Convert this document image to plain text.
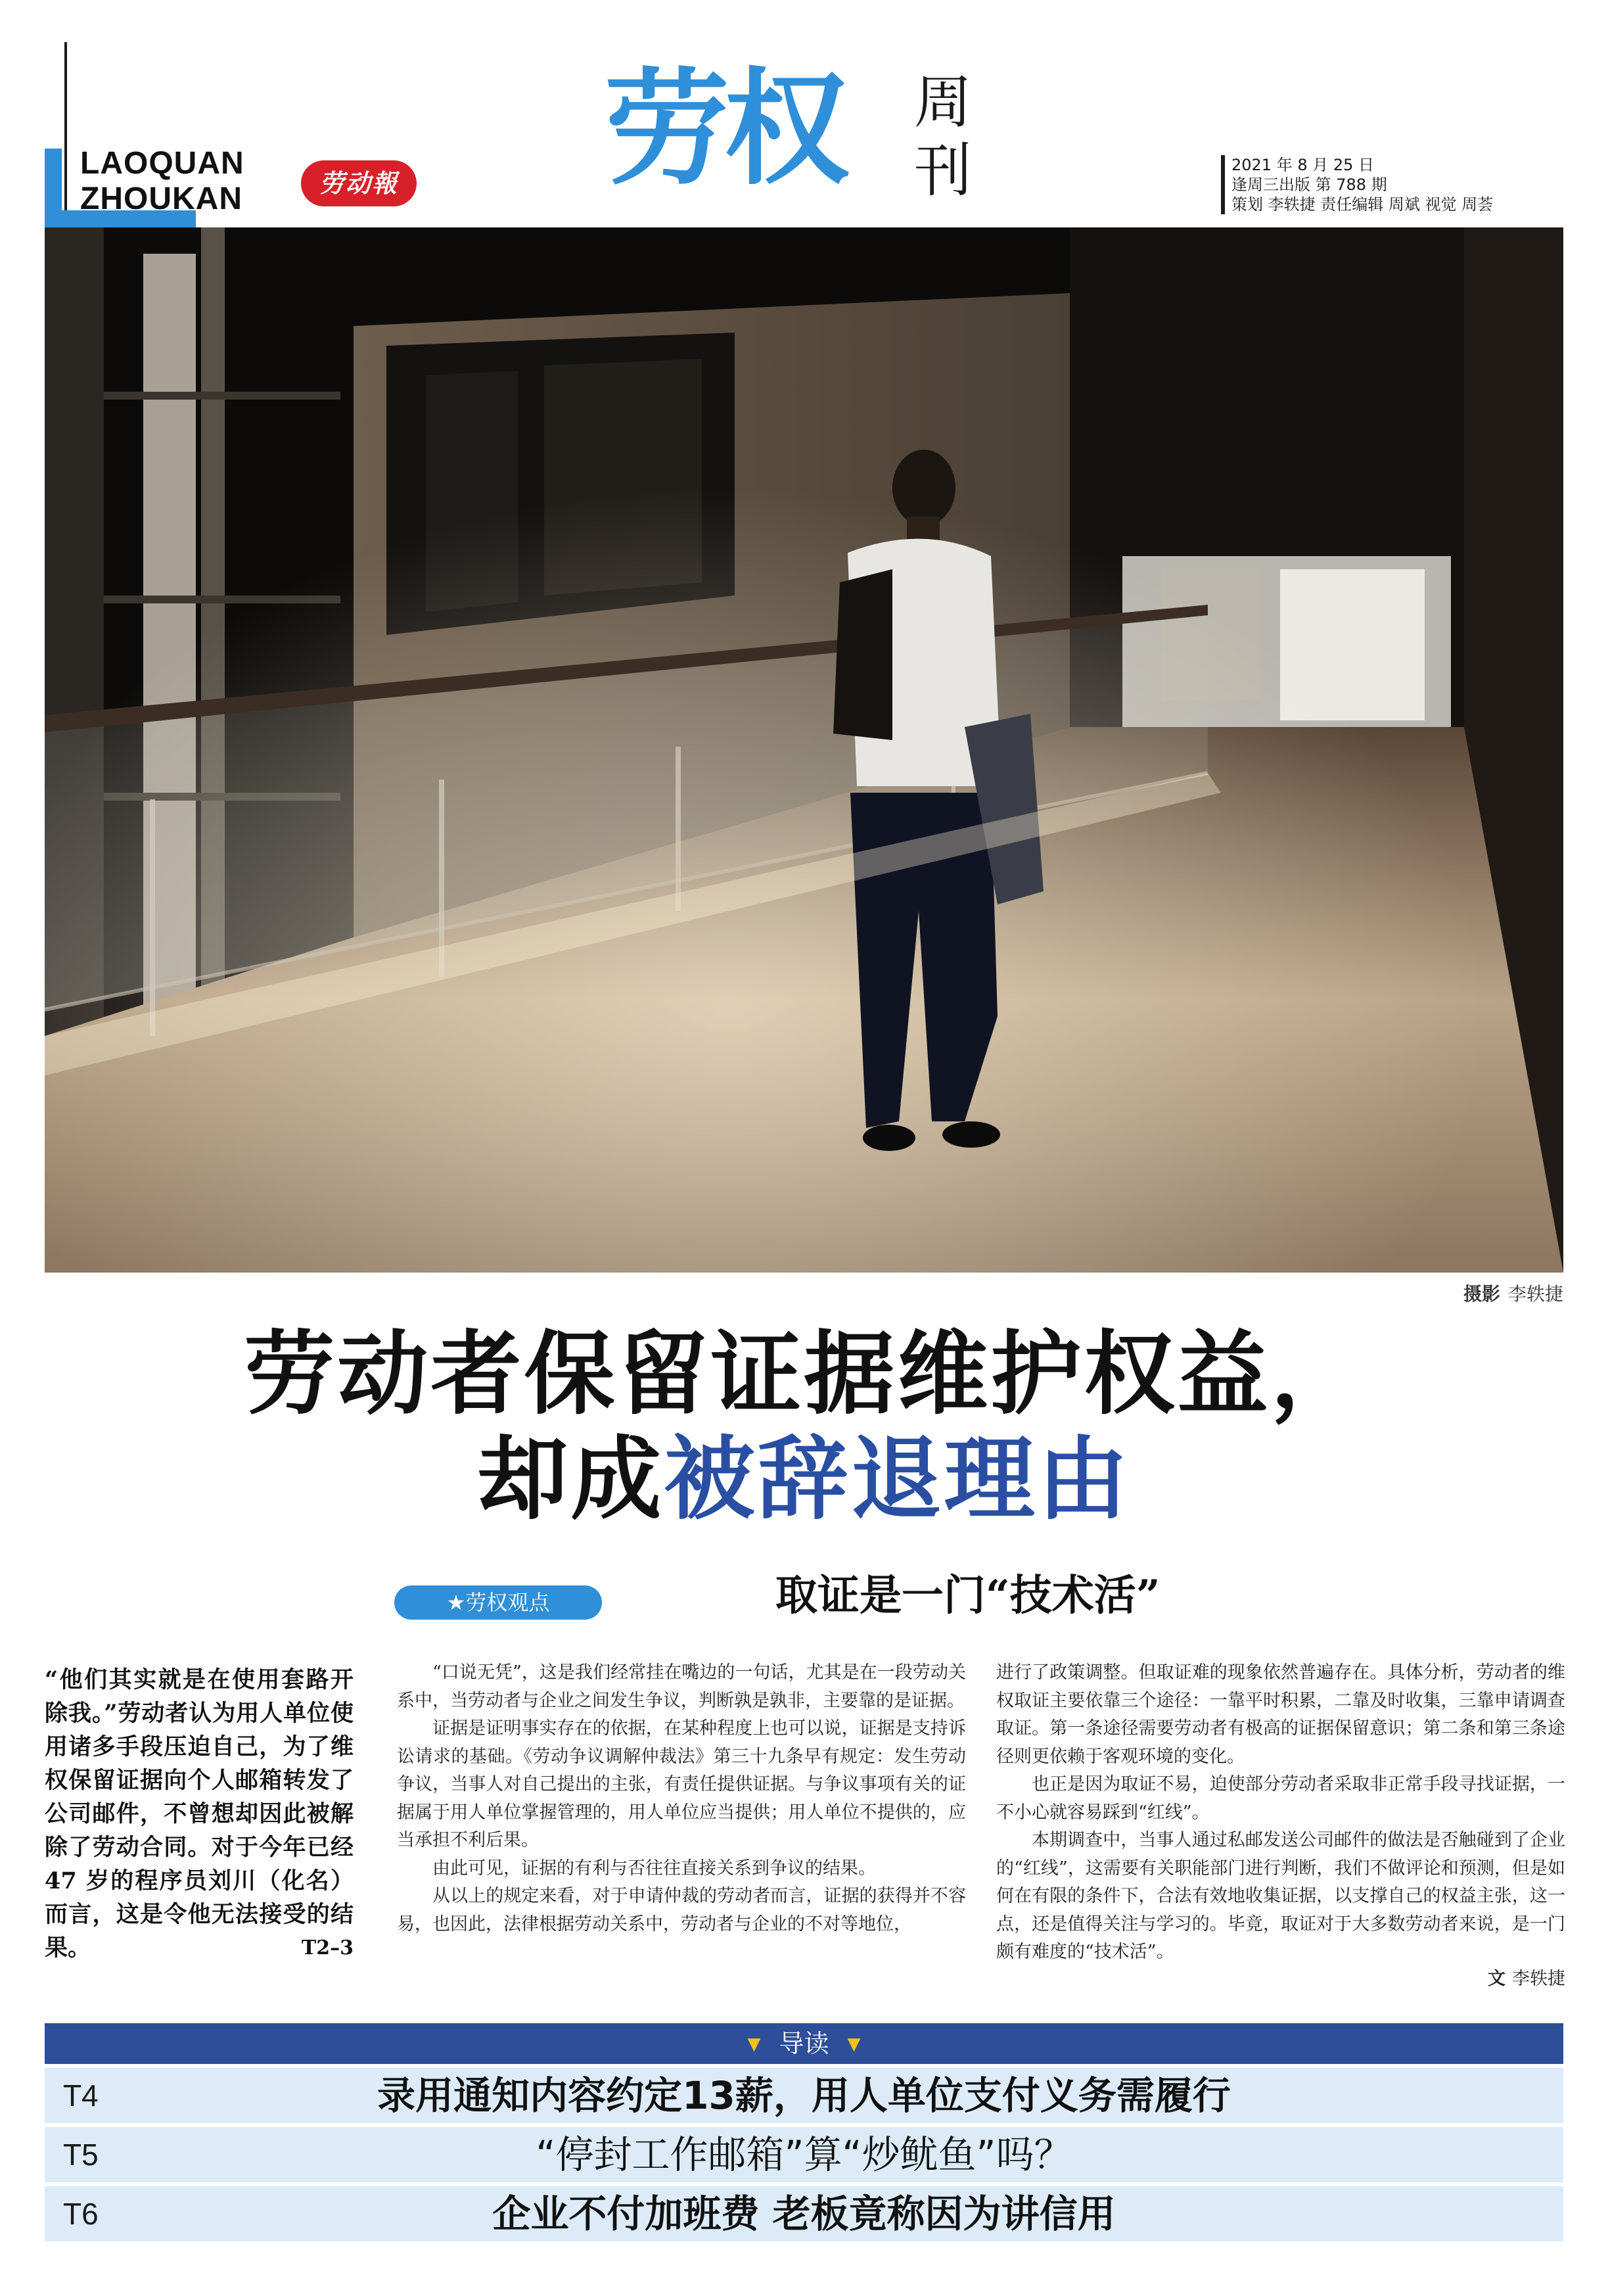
LAOQUAN
ZHOUKAN	劳动報 劳权 周
刊	2021 年 8 月 25 日
逢周三出版 第 788 期
策划 李轶捷 责任编辑 周斌 视觉 周荟
摄影 李轶捷
劳动者保留证据维护权益，
却成被辞退理由
★劳权观点	取证是一门“技术活”
“他们其实就是在使用套路开除我。”劳动者认为用人单位使用诸多手段压迫自己，为了维权保留证据向个人邮箱转发了公司邮件，不曾想却因此被解除了劳动合同。对于今年已经 47 岁的程序员刘川（化名）而言，这是令他无法接受的结果。	T2–3

“口说无凭”，这是我们经常挂在嘴边的一句话，尤其是在一段劳动关系中，当劳动者与企业之间发生争议，判断孰是孰非，主要靠的是证据。

证据是证明事实存在的依据，在某种程度上也可以说，证据是支持诉讼请求的基础。《劳动争议调解仲裁法》第三十九条早有规定：发生劳动争议，当事人对自己提出的主张，有责任提供证据。与争议事项有关的证据属于用人单位掌握管理的，用人单位应当提供；用人单位不提供的，应当承担不利后果。

由此可见，证据的有利与否往往直接关系到争议的结果。

从以上的规定来看，对于申请仲裁的劳动者而言，证据的获得并不容易，也因此，法律根据劳动关系中，劳动者与企业的不对等地位，

进行了政策调整。但取证难的现象依然普遍存在。具体分析，劳动者的维权取证主要依靠三个途径：一靠平时积累，二靠及时收集，三靠申请调查取证。第一条途径需要劳动者有极高的证据保留意识；第二条和第三条途径则更依赖于客观环境的变化。

也正是因为取证不易，迫使部分劳动者采取非正常手段寻找证据，一不小心就容易踩到“红线”。

本期调查中，当事人通过私邮发送公司邮件的做法是否触碰到了企业的“红线”，这需要有关职能部门进行判断，我们不做评论和预测，但是如何在有限的条件下，合法有效地收集证据，以支撑自己的权益主张，这一点，还是值得关注与学习的。毕竟，取证对于大多数劳动者来说，是一门颇有难度的“技术活”。

文 李轶捷
▼ 导读 ▼
T4	录用通知内容约定13薪，用人单位支付义务需履行
T5	“停封工作邮箱”算“炒鱿鱼”吗？
T6	企业不付加班费 老板竟称因为讲信用
